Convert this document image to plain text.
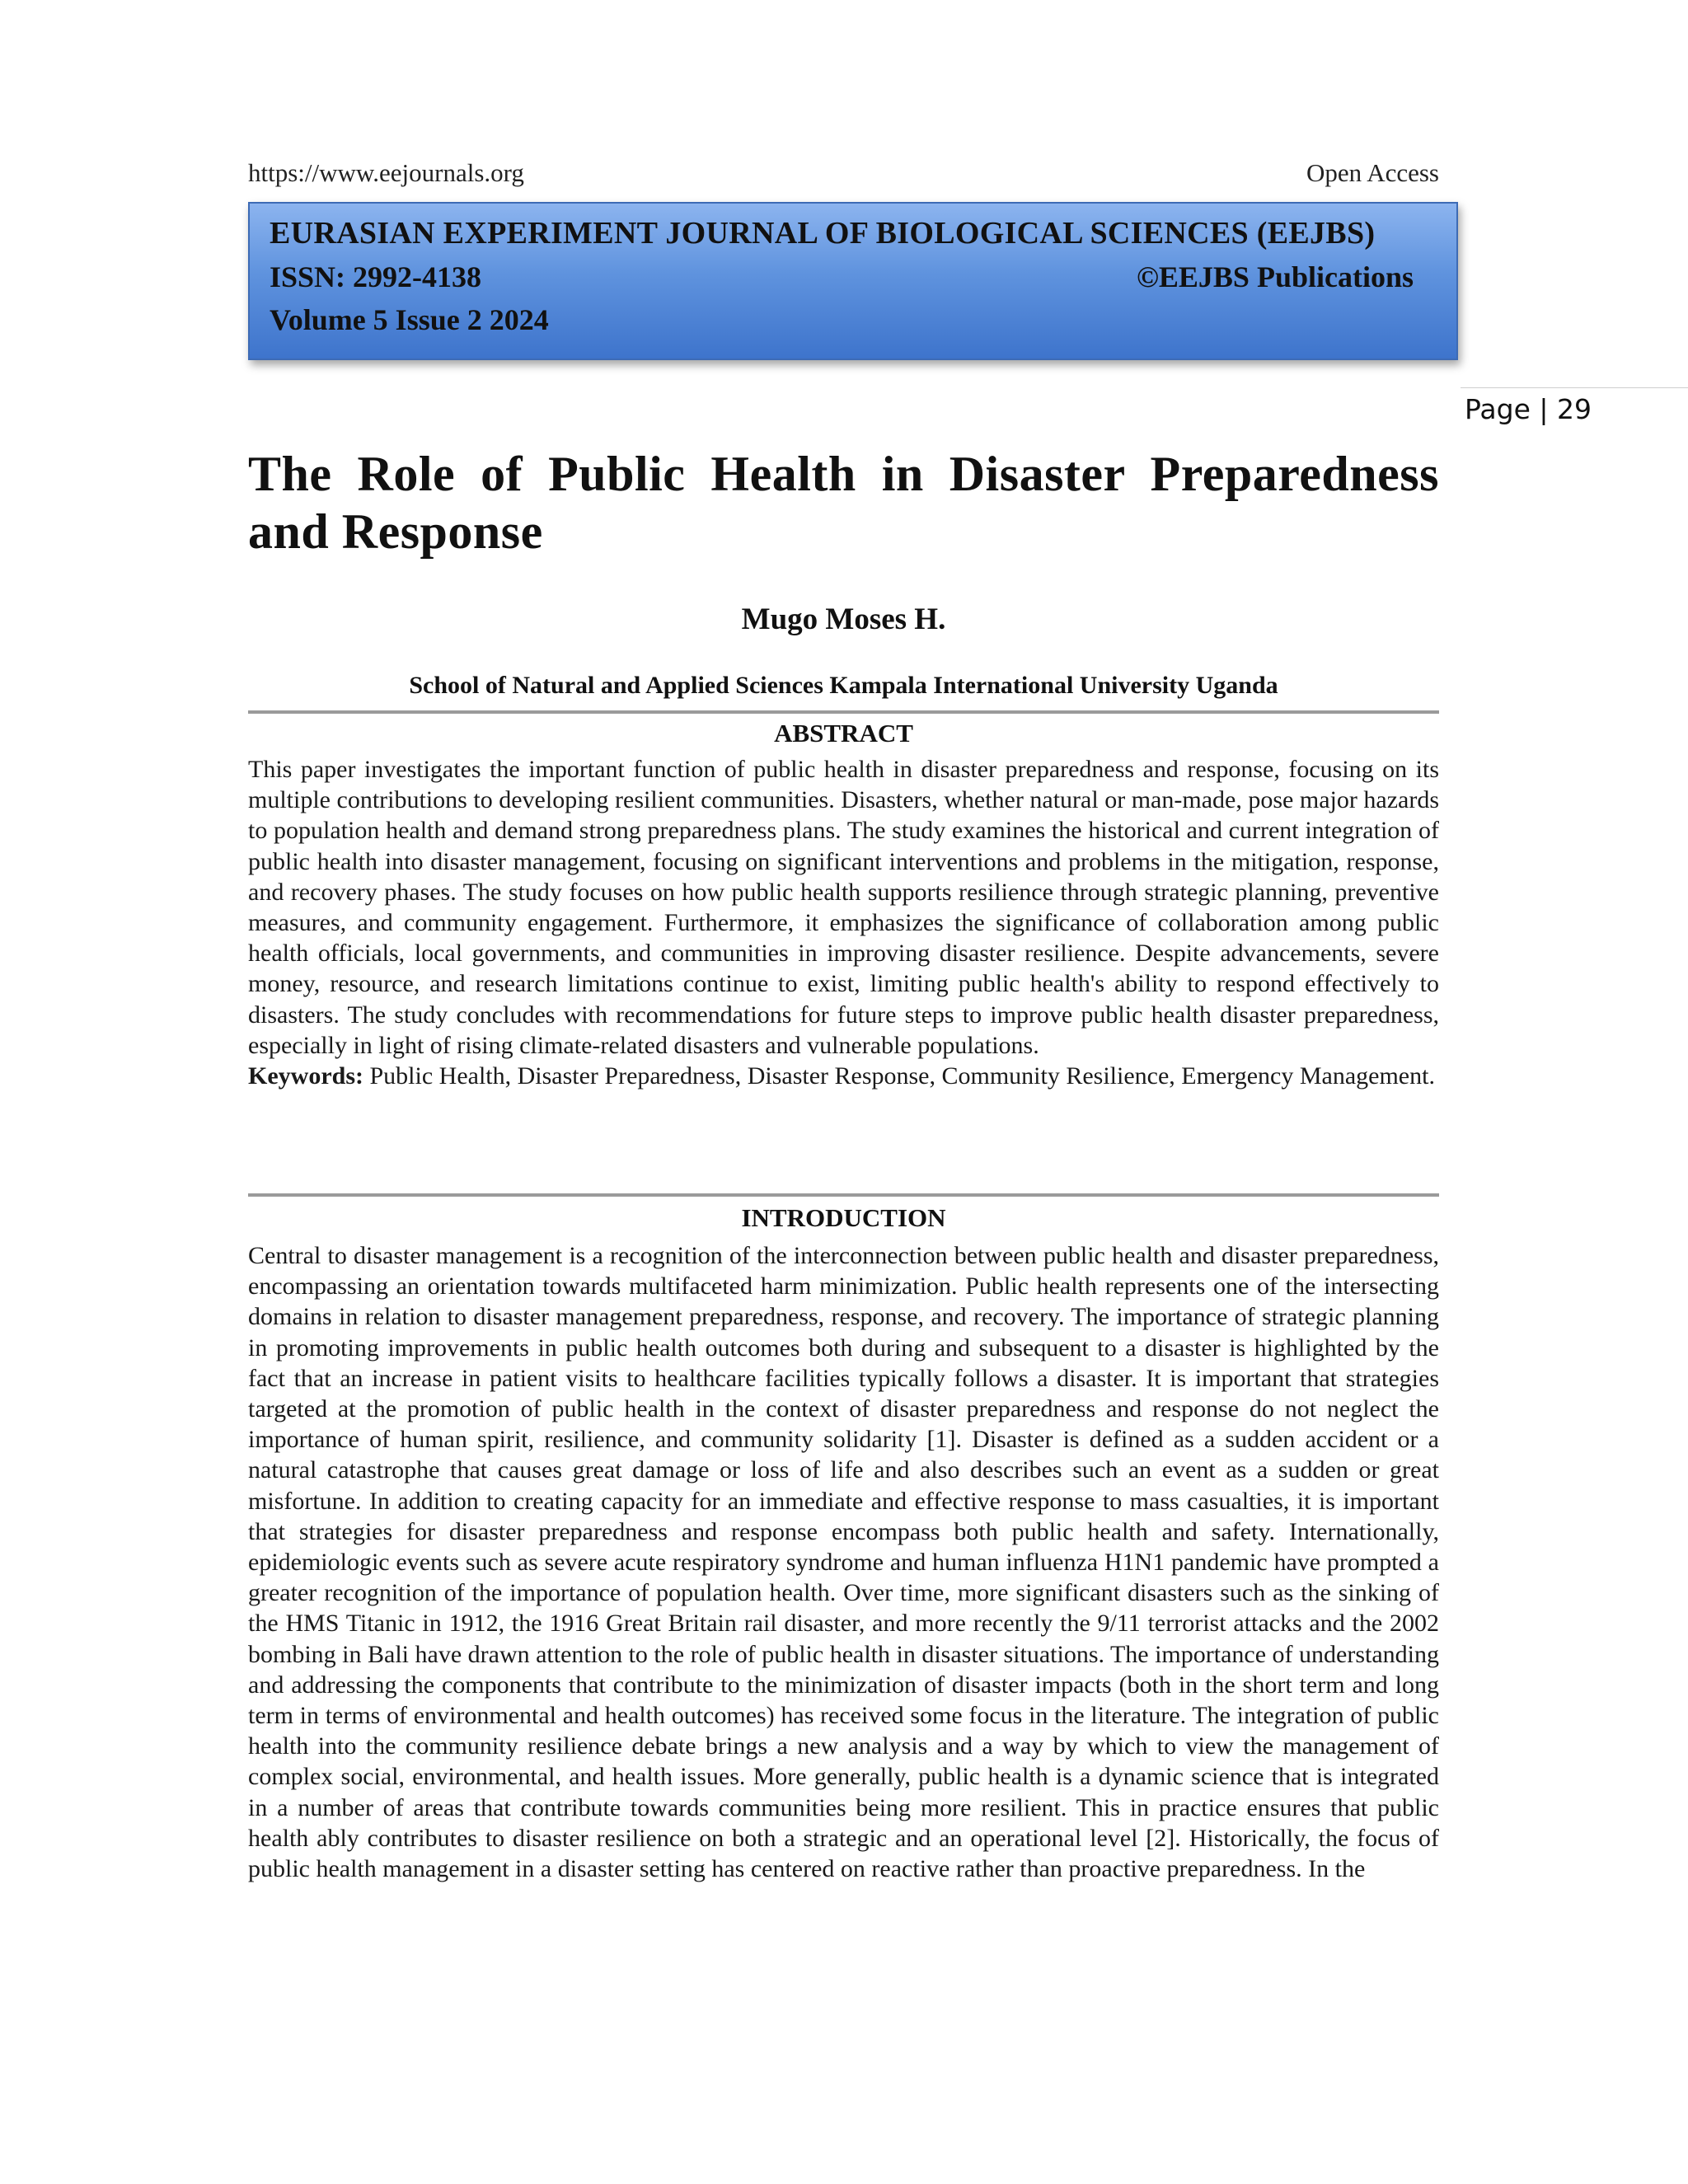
https://www.eejournals.org	Open Access
EURASIAN EXPERIMENT JOURNAL OF BIOLOGICAL SCIENCES (EEJBS)
ISSN: 2992-4138	©EEJBS Publications
Volume 5 Issue 2 2024
Page | 29
The Role of Public Health in Disaster Preparedness and Response
Mugo Moses H.
School of Natural and Applied Sciences Kampala International University Uganda
ABSTRACT
This paper investigates the important function of public health in disaster preparedness and response, focusing on its multiple contributions to developing resilient communities. Disasters, whether natural or man-made, pose major hazards to population health and demand strong preparedness plans. The study examines the historical and current integration of public health into disaster management, focusing on significant interventions and problems in the mitigation, response, and recovery phases. The study focuses on how public health supports resilience through strategic planning, preventive measures, and community engagement. Furthermore, it emphasizes the significance of collaboration among public health officials, local governments, and communities in improving disaster resilience. Despite advancements, severe money, resource, and research limitations continue to exist, limiting public health's ability to respond effectively to disasters. The study concludes with recommendations for future steps to improve public health disaster preparedness, especially in light of rising climate-related disasters and vulnerable populations.
Keywords: Public Health, Disaster Preparedness, Disaster Response, Community Resilience, Emergency Management.
INTRODUCTION
Central to disaster management is a recognition of the interconnection between public health and disaster preparedness, encompassing an orientation towards multifaceted harm minimization. Public health represents one of the intersecting domains in relation to disaster management preparedness, response, and recovery. The importance of strategic planning in promoting improvements in public health outcomes both during and subsequent to a disaster is highlighted by the fact that an increase in patient visits to healthcare facilities typically follows a disaster. It is important that strategies targeted at the promotion of public health in the context of disaster preparedness and response do not neglect the importance of human spirit, resilience, and community solidarity [1]. Disaster is defined as a sudden accident or a natural catastrophe that causes great damage or loss of life and also describes such an event as a sudden or great misfortune. In addition to creating capacity for an immediate and effective response to mass casualties, it is important that strategies for disaster preparedness and response encompass both public health and safety. Internationally, epidemiologic events such as severe acute respiratory syndrome and human influenza H1N1 pandemic have prompted a greater recognition of the importance of population health. Over time, more significant disasters such as the sinking of the HMS Titanic in 1912, the 1916 Great Britain rail disaster, and more recently the 9/11 terrorist attacks and the 2002 bombing in Bali have drawn attention to the role of public health in disaster situations. The importance of understanding and addressing the components that contribute to the minimization of disaster impacts (both in the short term and long term in terms of environmental and health outcomes) has received some focus in the literature. The integration of public health into the community resilience debate brings a new analysis and a way by which to view the management of complex social, environmental, and health issues. More generally, public health is a dynamic science that is integrated in a number of areas that contribute towards communities being more resilient. This in practice ensures that public health ably contributes to disaster resilience on both a strategic and an operational level [2]. Historically, the focus of public health management in a disaster setting has centered on reactive rather than proactive preparedness. In the
